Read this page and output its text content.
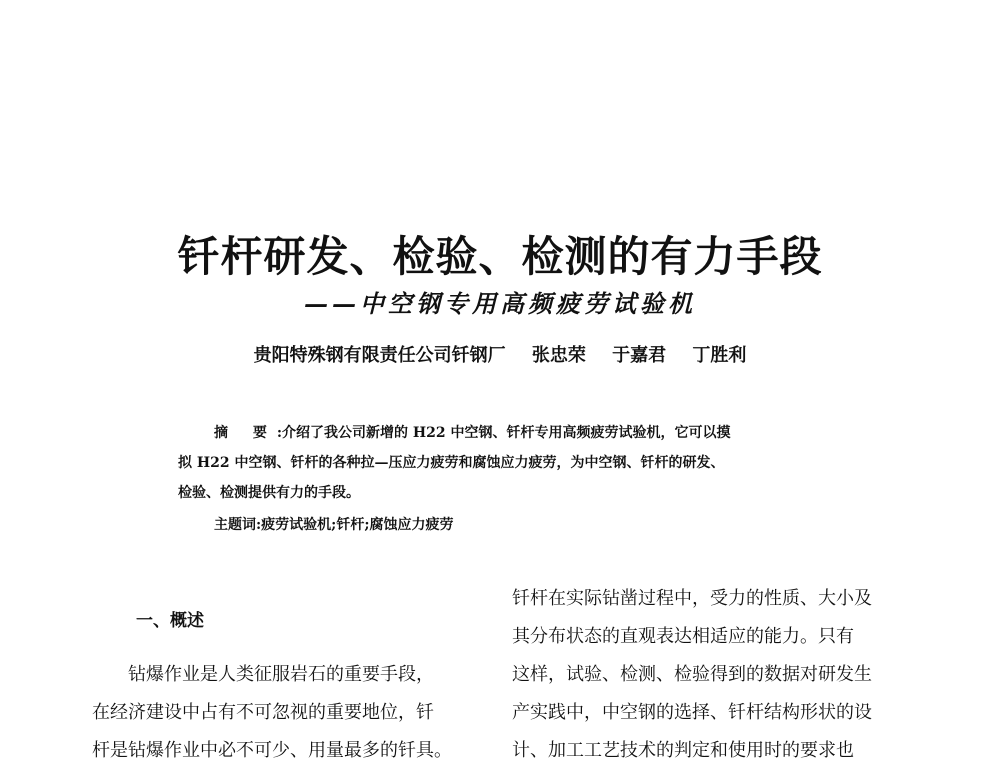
钎杆研发、检验、检测的有力手段
——中空钢专用高频疲劳试验机
贵阳特殊钢有限责任公司钎钢厂 张忠荣 于嘉君 丁胜利
摘 要:介绍了我公司新增的 H22 中空钢、钎杆专用高频疲劳试验机，它可以摸
拟 H22 中空钢、钎杆的各种拉—压应力疲劳和腐蚀应力疲劳，为中空钢、钎杆的研发、
检验、检测提供有力的手段。
主题词:疲劳试验机;钎杆;腐蚀应力疲劳
一、概述

钻爆作业是人类征服岩石的重要手段，
在经济建设中占有不可忽视的重要地位，钎
杆是钻爆作业中必不可少、用量最多的钎具。

钎杆在实际钻凿过程中，受力的性质、大小及
其分布状态的直观表达相适应的能力。只有
这样，试验、检测、检验得到的数据对研发生
产实践中，中空钢的选择、钎杆结构形状的设
计、加工工艺技术的判定和使用时的要求也
